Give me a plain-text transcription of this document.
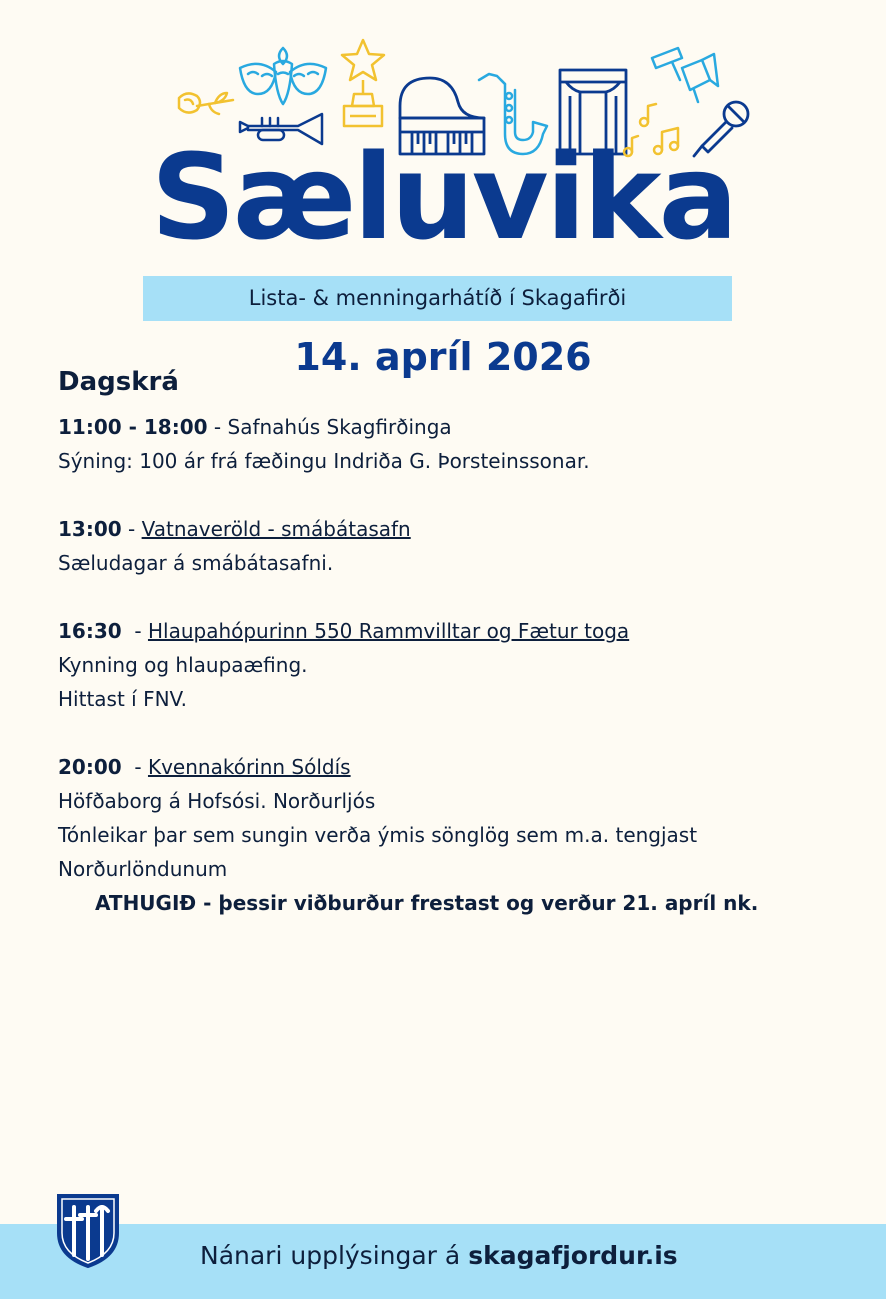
Sæluvika
Lista- & menningarhátíð í Skagafirði
14. apríl 2026
Dagskrá
11:00 - 18:00 - Safnahús Skagfirðinga
Sýning: 100 ár frá fæðingu Indriða G. Þorsteinssonar.
13:00 - Vatnaveröld - smábátasafn
Sæludagar á smábátasafni.
16:30  - Hlaupahópurinn 550 Rammvilltar og Fætur toga
Kynning og hlaupaæfing.
Hittast í FNV.
20:00  - Kvennakórinn Sóldís
Höfðaborg á Hofsósi. Norðurljós
Tónleikar þar sem sungin verða ýmis sönglög sem m.a. tengjast
Norðurlöndunum
ATHUGIÐ - þessir viðburður frestast og verður 21. apríl nk.
Nánari upplýsingar á skagafjordur.is
